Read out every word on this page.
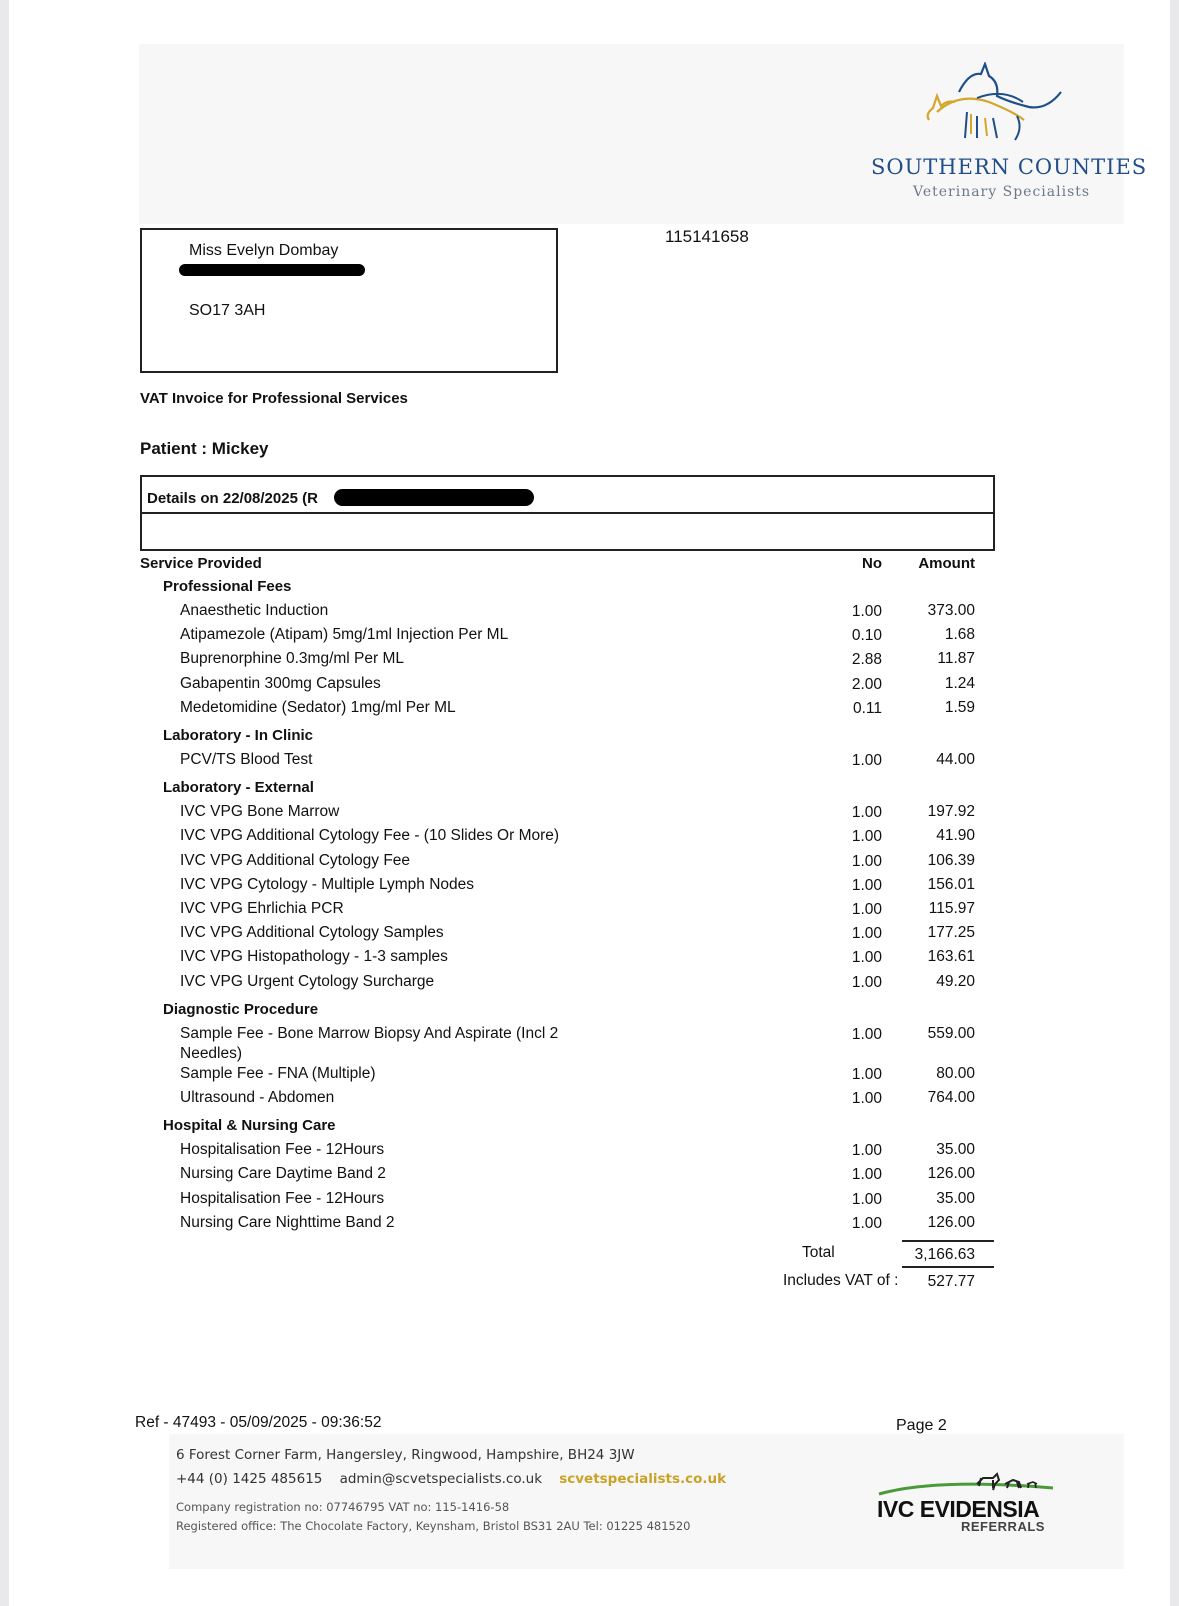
SOUTHERN COUNTIES
Veterinary Specialists
115141658
Miss Evelyn Dombay
SO17 3AH
VAT Invoice for Professional Services
Patient : Mickey
Details on 22/08/2025 (R
Service Provided	No Amount
Total	3,166.63
Includes VAT of : 527.77
Ref - 47493 - 05/09/2025 - 09:36:52	Page 2
6 Forest Corner Farm, Hangersley, Ringwood, Hampshire, BH24 3JW
+44 (0) 1425 485615 admin@scvetspecialists.co.uk scvetspecialists.co.uk
Company registration no: 07746795 VAT no: 115-1416-58
Registered office: The Chocolate Factory, Keynsham, Bristol BS31 2AU Tel: 01225 481520
IVC EVIDENSIA
REFERRALS
Professional Fees
Anaesthetic Induction	1.00	373.00
Atipamezole (Atipam) 5mg/1ml Injection Per ML	0.10	1.68
Buprenorphine 0.3mg/ml Per ML	2.88	11.87
Gabapentin 300mg Capsules	2.00	1.24
Medetomidine (Sedator) 1mg/ml Per ML	0.11	1.59
Laboratory - In Clinic
PCV/TS Blood Test	1.00	44.00
Laboratory - External
IVC VPG Bone Marrow	1.00	197.92
IVC VPG Additional Cytology Fee - (10 Slides Or More)	1.00	41.90
IVC VPG Additional Cytology Fee	1.00	106.39
IVC VPG Cytology - Multiple Lymph Nodes	1.00	156.01
IVC VPG Ehrlichia PCR	1.00	115.97
IVC VPG Additional Cytology Samples	1.00	177.25
IVC VPG Histopathology - 1-3 samples	1.00	163.61
IVC VPG Urgent Cytology Surcharge	1.00	49.20
Diagnostic Procedure
Sample Fee - Bone Marrow Biopsy And Aspirate (Incl 2	1.00	559.00
Needles)
Sample Fee - FNA (Multiple)	1.00	80.00
Ultrasound - Abdomen	1.00	764.00
Hospital & Nursing Care
Hospitalisation Fee - 12Hours	1.00	35.00
Nursing Care Daytime Band 2	1.00	126.00
Hospitalisation Fee - 12Hours	1.00	35.00
Nursing Care Nighttime Band 2	1.00	126.00
